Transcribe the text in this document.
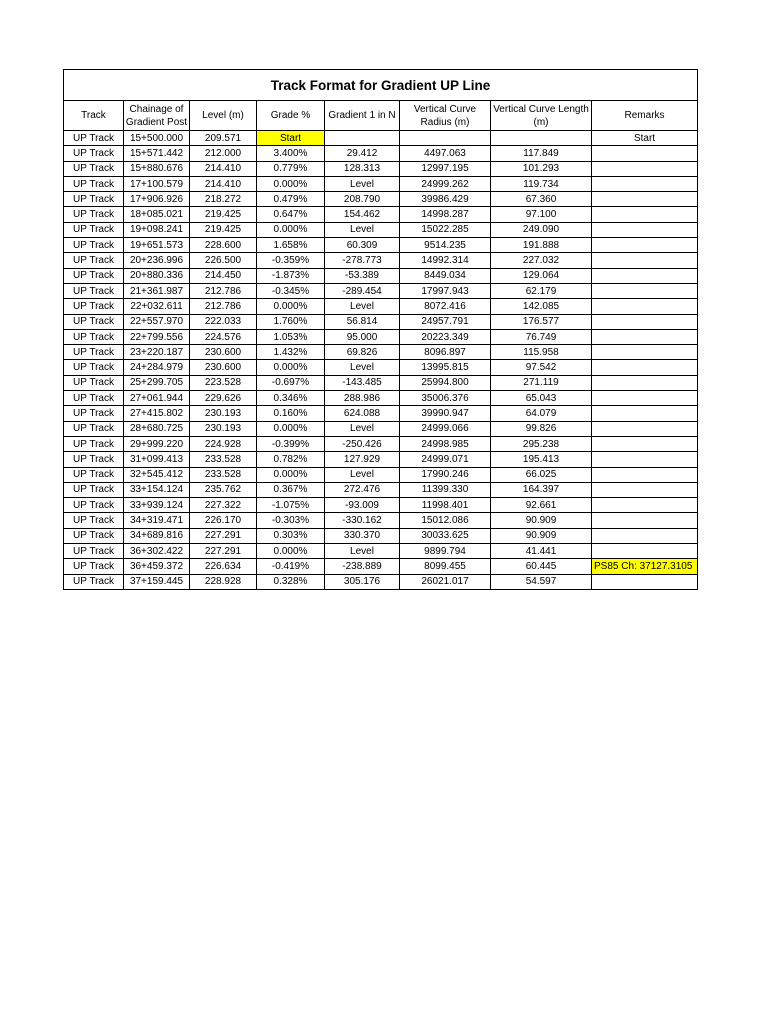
Track Format for Gradient UP Line							
Track	Chainage of Gradient Post	Level (m)	Grade %	Gradient 1 in N	Vertical Curve Radius (m)	Vertical Curve Length (m)	Remarks
UP Track	15+500.000	209.571	Start				Start
UP Track	15+571.442	212.000	3.400%	29.412	4497.063	117.849	
UP Track	15+880.676	214.410	0.779%	128.313	12997.195	101.293	
UP Track	17+100.579	214.410	0.000%	Level	24999.262	119.734	
UP Track	17+906.926	218.272	0.479%	208.790	39986.429	67.360	
UP Track	18+085.021	219.425	0.647%	154.462	14998.287	97.100	
UP Track	19+098.241	219.425	0.000%	Level	15022.285	249.090	
UP Track	19+651.573	228.600	1.658%	60.309	9514.235	191.888	
UP Track	20+236.996	226.500	-0.359%	-278.773	14992.314	227.032	
UP Track	20+880.336	214.450	-1.873%	-53.389	8449.034	129.064	
UP Track	21+361.987	212.786	-0.345%	-289.454	17997.943	62.179	
UP Track	22+032.611	212.786	0.000%	Level	8072.416	142.085	
UP Track	22+557.970	222.033	1.760%	56.814	24957.791	176.577	
UP Track	22+799.556	224.576	1.053%	95.000	20223.349	76.749	
UP Track	23+220.187	230.600	1.432%	69.826	8096.897	115.958	
UP Track	24+284.979	230.600	0.000%	Level	13995.815	97.542	
UP Track	25+299.705	223.528	-0.697%	-143.485	25994.800	271.119	
UP Track	27+061.944	229.626	0.346%	288.986	35006.376	65.043	
UP Track	27+415.802	230.193	0.160%	624.088	39990.947	64.079	
UP Track	28+680.725	230.193	0.000%	Level	24999.066	99.826	
UP Track	29+999.220	224.928	-0.399%	-250.426	24998.985	295.238	
UP Track	31+099.413	233.528	0.782%	127.929	24999.071	195.413	
UP Track	32+545.412	233.528	0.000%	Level	17990.246	66.025	
UP Track	33+154.124	235.762	0.367%	272.476	11399.330	164.397	
UP Track	33+939.124	227.322	-1.075%	-93.009	11998.401	92.661	
UP Track	34+319.471	226.170	-0.303%	-330.162	15012.086	90.909	
UP Track	34+689.816	227.291	0.303%	330.370	30033.625	90.909	
UP Track	36+302.422	227.291	0.000%	Level	9899.794	41.441	
UP Track	36+459.372	226.634	-0.419%	-238.889	8099.455	60.445	PS85 Ch: 37127.3105
UP Track	37+159.445	228.928	0.328%	305.176	26021.017	54.597	
